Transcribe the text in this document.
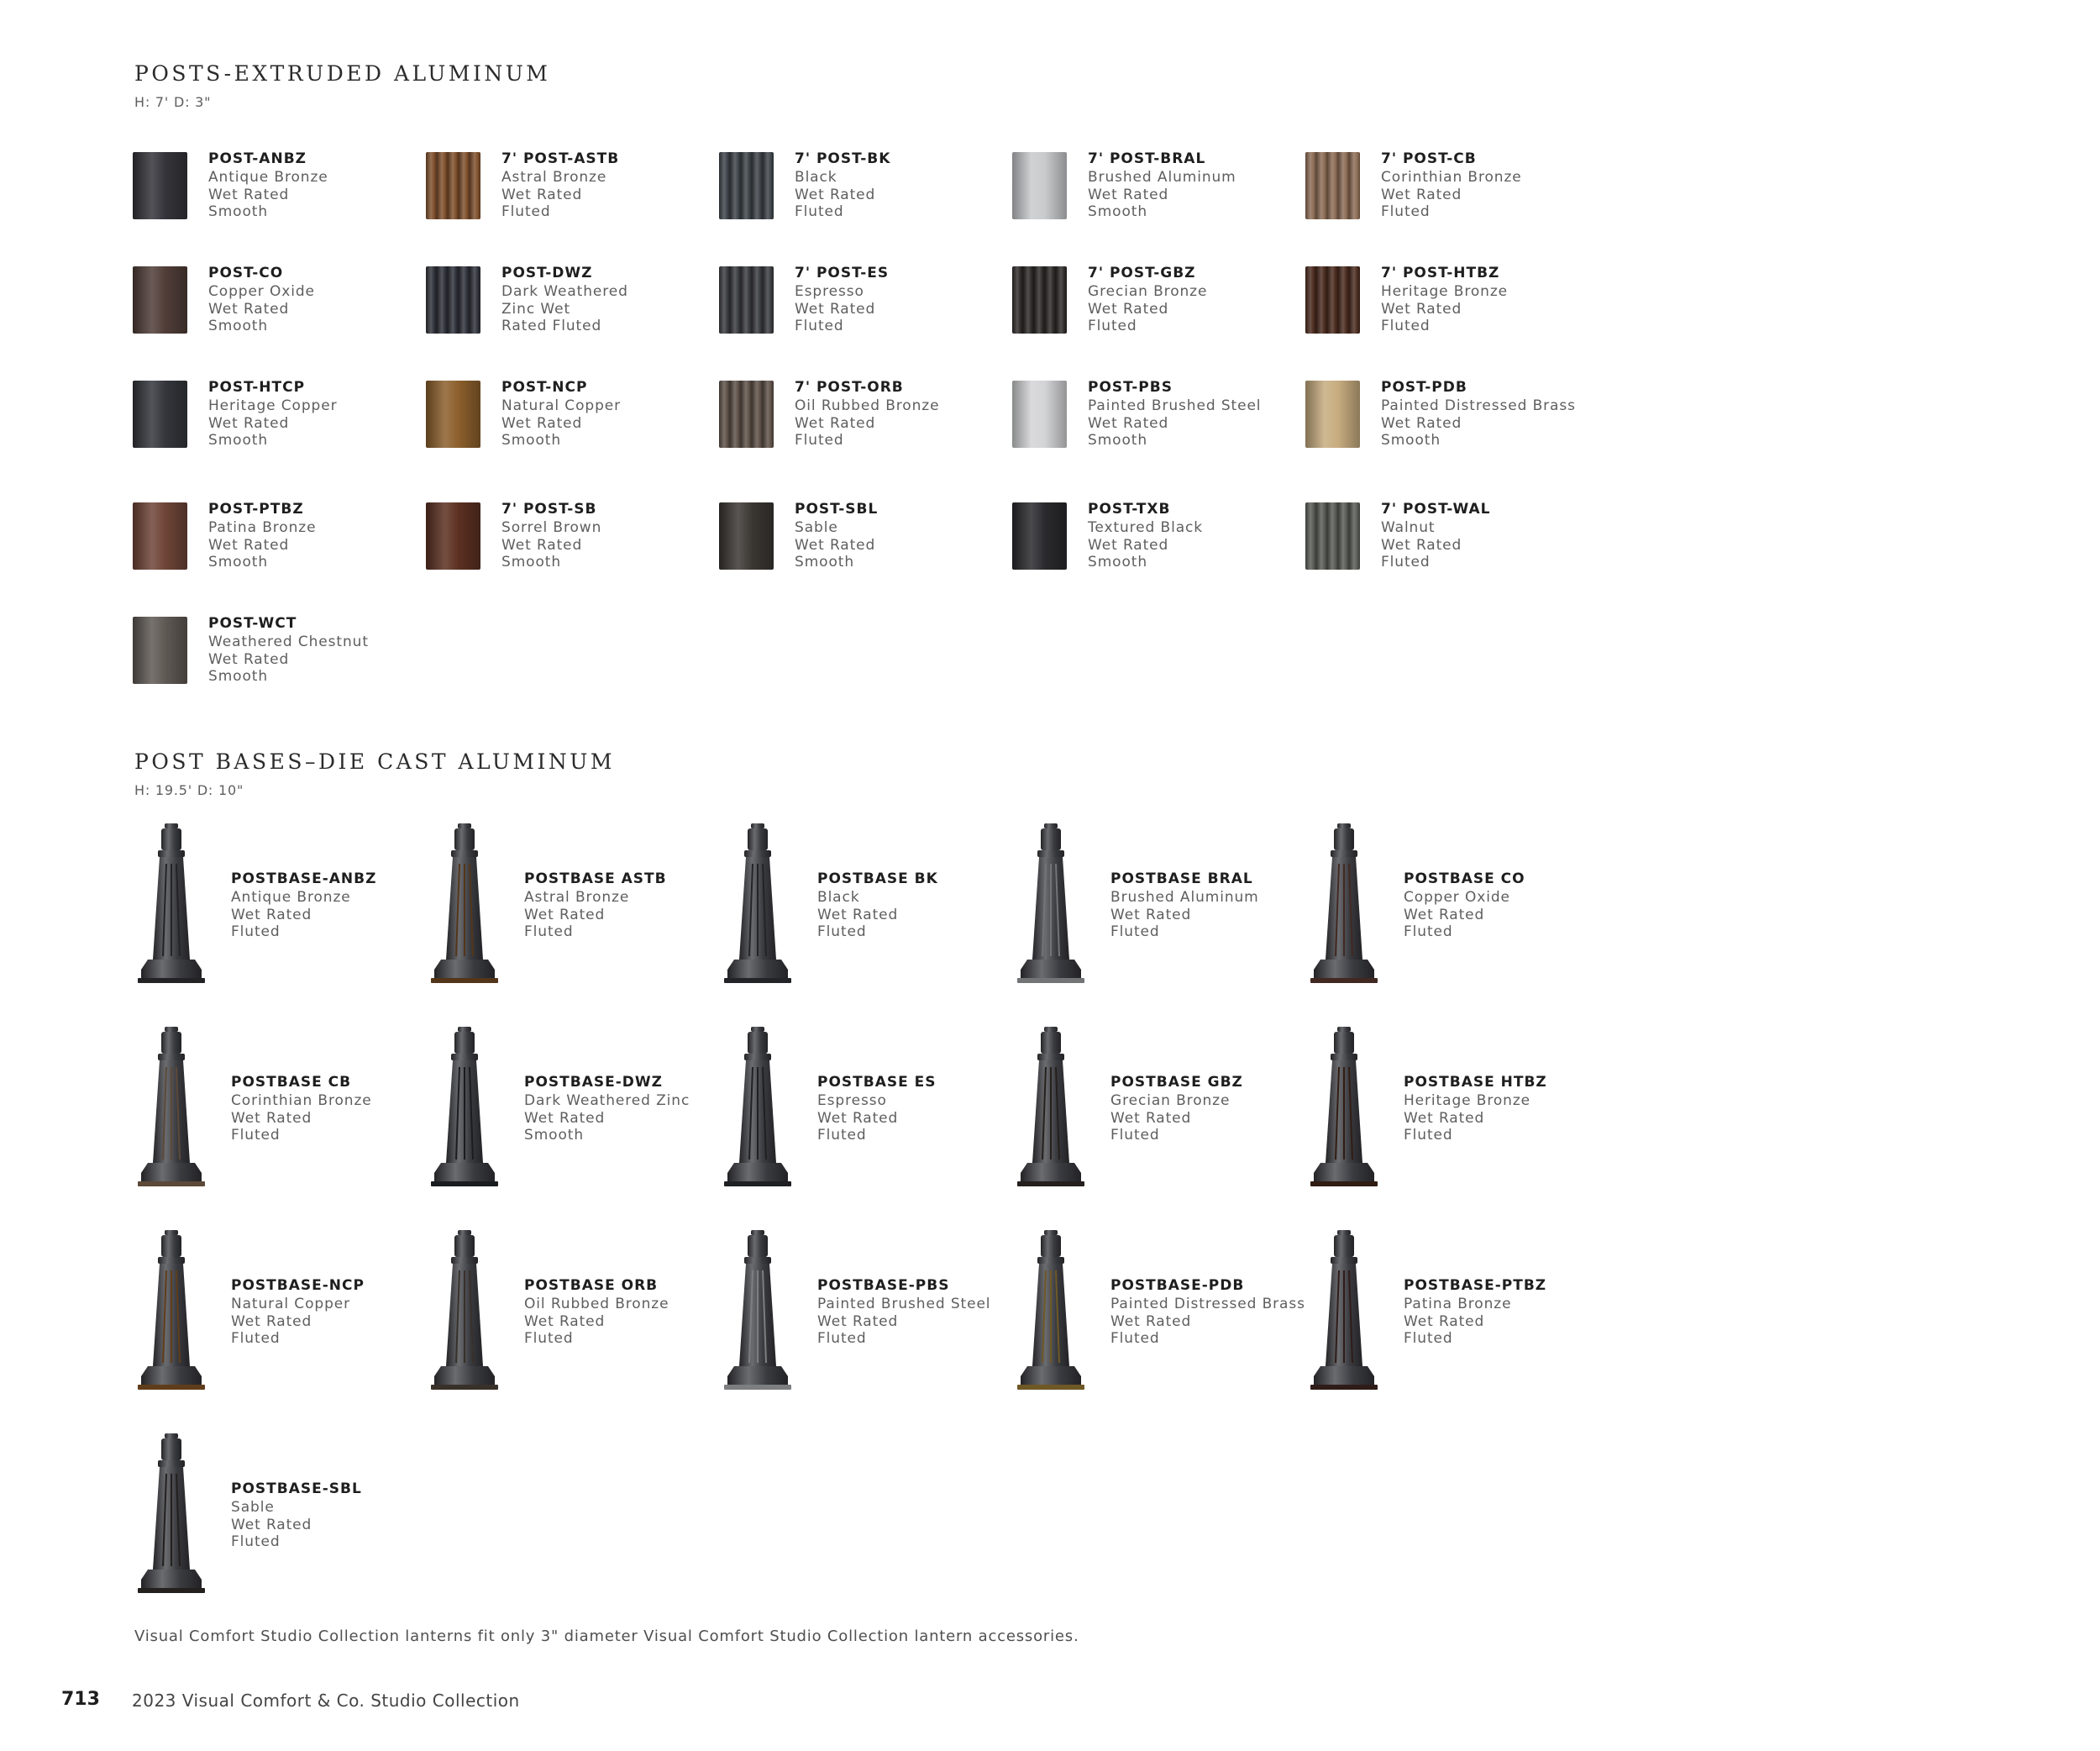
POSTS-EXTRUDED ALUMINUM
H: 7' D: 3"
POST-ANBZ
Antique Bronze
Wet Rated
Smooth
7' POST-ASTB
Astral Bronze
Wet Rated
Fluted
7' POST-BK
Black
Wet Rated
Fluted
7' POST-BRAL
Brushed Aluminum
Wet Rated
Smooth
7' POST-CB
Corinthian Bronze
Wet Rated
Fluted
POST-CO
Copper Oxide
Wet Rated
Smooth
POST-DWZ
Dark Weathered
Zinc Wet
Rated Fluted
7' POST-ES
Espresso
Wet Rated
Fluted
7' POST-GBZ
Grecian Bronze
Wet Rated
Fluted
7' POST-HTBZ
Heritage Bronze
Wet Rated
Fluted
POST-HTCP
Heritage Copper
Wet Rated
Smooth
POST-NCP
Natural Copper
Wet Rated
Smooth
7' POST-ORB
Oil Rubbed Bronze
Wet Rated
Fluted
POST-PBS
Painted Brushed Steel
Wet Rated
Smooth
POST-PDB
Painted Distressed Brass
Wet Rated
Smooth
POST-PTBZ
Patina Bronze
Wet Rated
Smooth
7' POST-SB
Sorrel Brown
Wet Rated
Smooth
POST-SBL
Sable
Wet Rated
Smooth
POST-TXB
Textured Black
Wet Rated
Smooth
7' POST-WAL
Walnut
Wet Rated
Fluted
POST-WCT
Weathered Chestnut
Wet Rated
Smooth
POST BASES–DIE CAST ALUMINUM
H: 19.5' D: 10"
POSTBASE-ANBZ
Antique Bronze
Wet Rated
Fluted
POSTBASE ASTB
Astral Bronze
Wet Rated
Fluted
POSTBASE BK
Black
Wet Rated
Fluted
POSTBASE BRAL
Brushed Aluminum
Wet Rated
Fluted
POSTBASE CO
Copper Oxide
Wet Rated
Fluted
POSTBASE CB
Corinthian Bronze
Wet Rated
Fluted
POSTBASE-DWZ
Dark Weathered Zinc
Wet Rated
Smooth
POSTBASE ES
Espresso
Wet Rated
Fluted
POSTBASE GBZ
Grecian Bronze
Wet Rated
Fluted
POSTBASE HTBZ
Heritage Bronze
Wet Rated
Fluted
POSTBASE-NCP
Natural Copper
Wet Rated
Fluted
POSTBASE ORB
Oil Rubbed Bronze
Wet Rated
Fluted
POSTBASE-PBS
Painted Brushed Steel
Wet Rated
Fluted
POSTBASE-PDB
Painted Distressed Brass
Wet Rated
Fluted
POSTBASE-PTBZ
Patina Bronze
Wet Rated
Fluted
POSTBASE-SBL
Sable
Wet Rated
Fluted
Visual Comfort Studio Collection lanterns fit only 3" diameter Visual Comfort Studio Collection lantern accessories.
713 2023 Visual Comfort & Co. Studio Collection
